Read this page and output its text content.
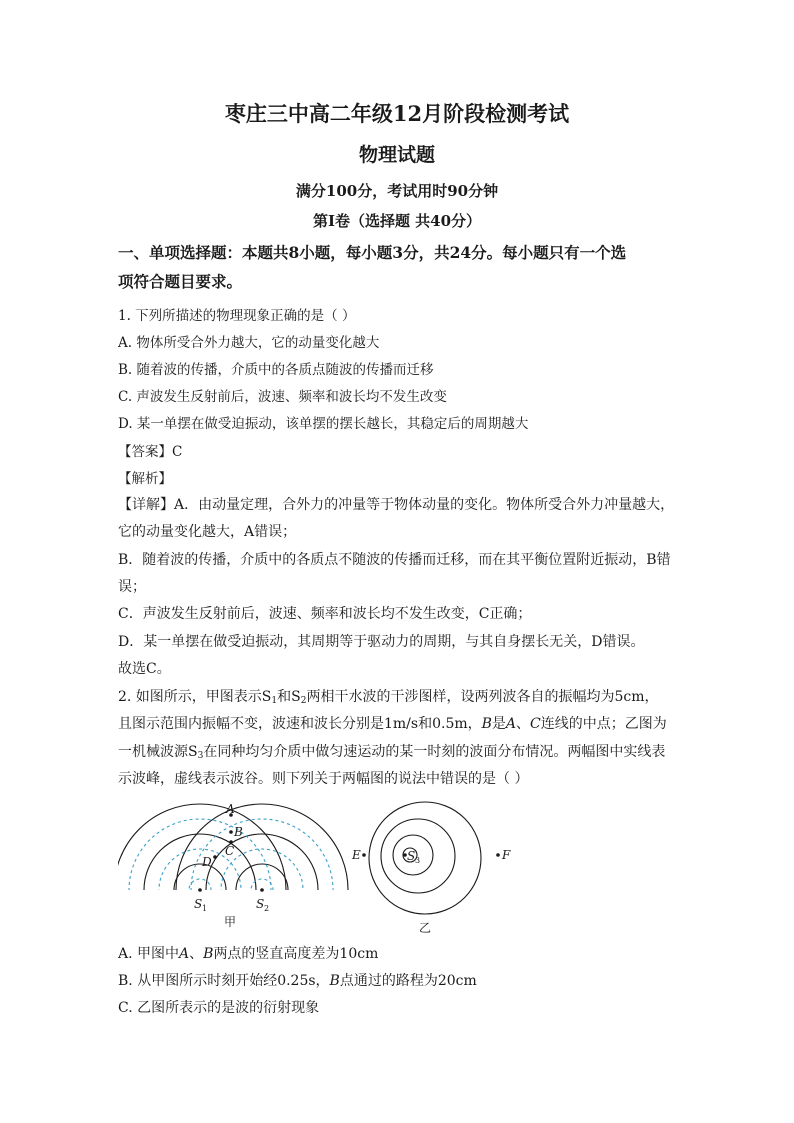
枣庄三中高二年级12月阶段检测考试
物理试题
满分100分，考试用时90分钟
第Ⅰ卷（选择题 共40分）
一、单项选择题：本题共8小题，每小题3分，共24分。每小题只有一个选
项符合题目要求。
1. 下列所描述的物理现象正确的是（ ）
A. 物体所受合外力越大，它的动量变化越大
B. 随着波的传播，介质中的各质点随波的传播而迁移
C. 声波发生反射前后，波速、频率和波长均不发生改变
D. 某一单摆在做受迫振动，该单摆的摆长越长，其稳定后的周期越大
【答案】C
【解析】
【详解】A．由动量定理，合外力的冲量等于物体动量的变化。物体所受合外力冲量越大，
它的动量变化越大，A错误；
B．随着波的传播，介质中的各质点不随波的传播而迁移，而在其平衡位置附近振动，B错
误；
C．声波发生反射前后，波速、频率和波长均不发生改变，C正确；
D．某一单摆在做受迫振动，其周期等于驱动力的周期，与其自身摆长无关，D错误。
故选C。
2. 如图所示，甲图表示$S_1$和$S_2$两相干水波的干涉图样，设两列波各自的振幅均为5cm，
且图示范围内振幅不变，波速和波长分别是1m/s和0.5m，B是A、C连线的中点；乙图为
一机械波源$S_3$在同种均匀介质中做匀速运动的某一时刻的波面分布情况。两幅图中实线表
示波峰，虚线表示波谷。则下列关于两幅图的说法中错误的是（ ）
A
B
C
D
S 1	S 2
甲
E	F
S 3
乙
A. 甲图中A、B两点的竖直高度差为10cm
B. 从甲图所示时刻开始经0.25s，B点通过的路程为20cm
C. 乙图所表示的是波的衍射现象
